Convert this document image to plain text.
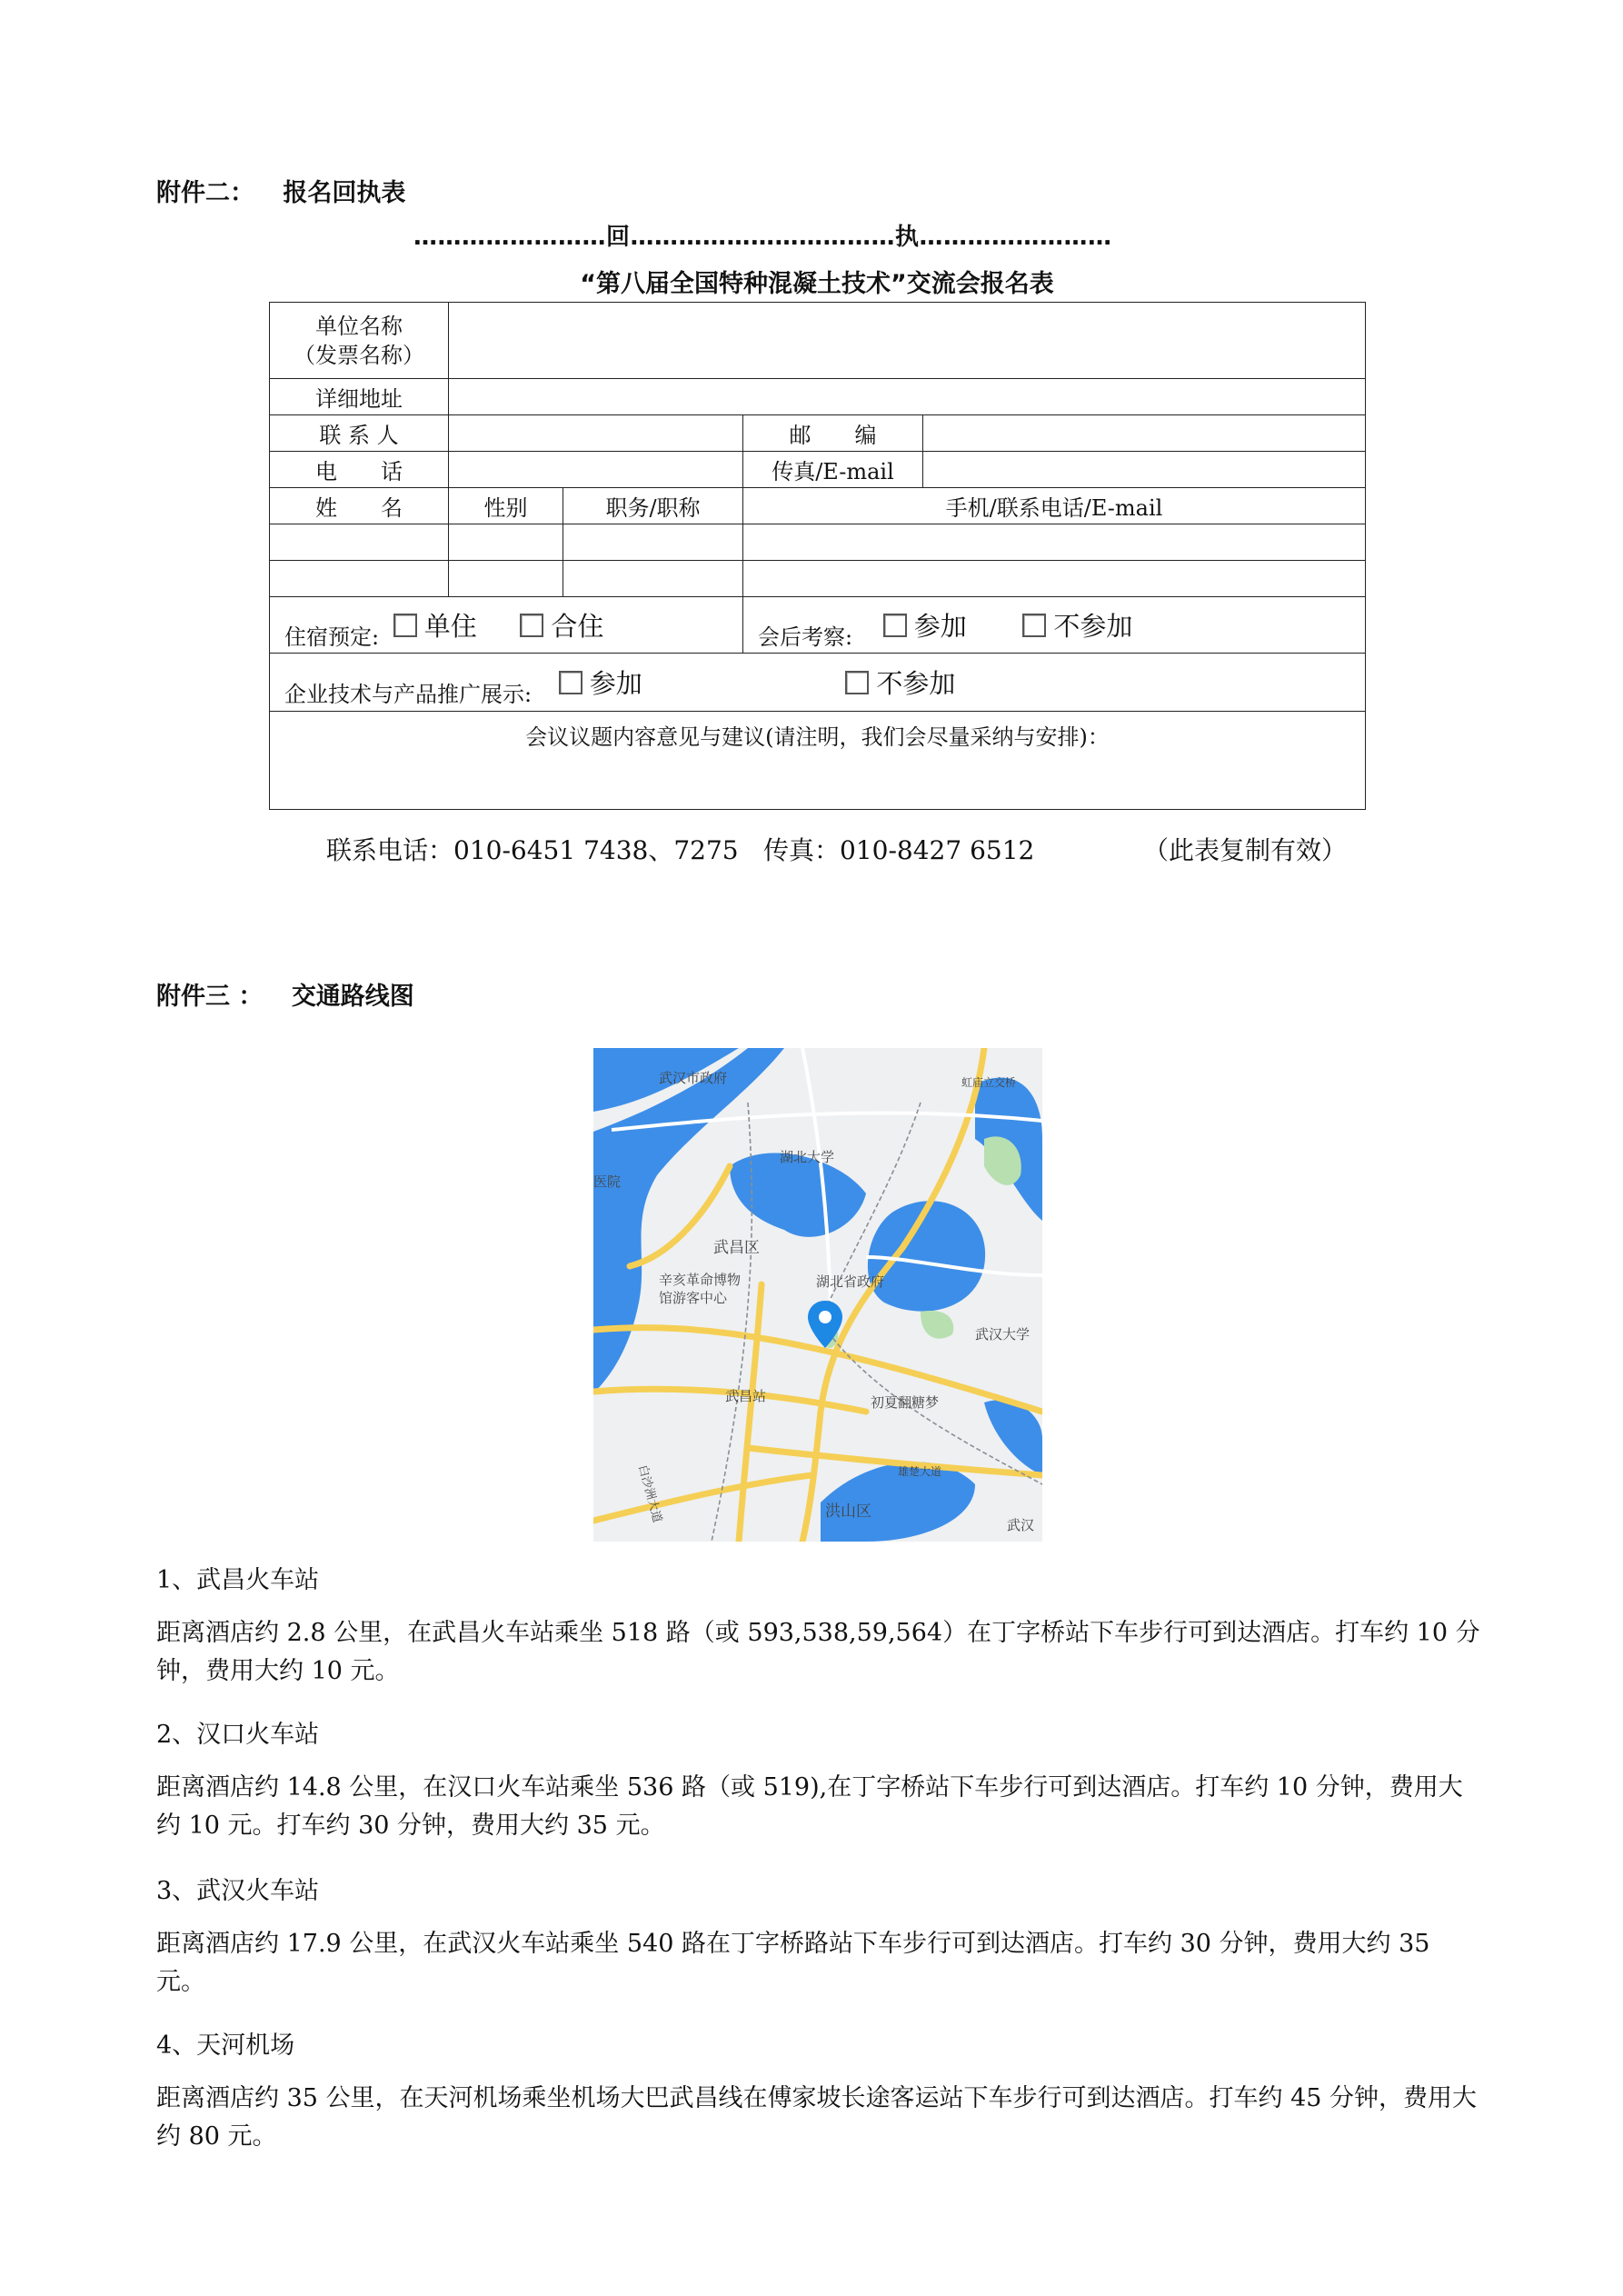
附件二： 报名回执表
……………………回……………………………执……………………
“第八届全国特种混凝土技术”交流会报名表
单位名称
（发票名称）				

详细地址				
联 系 人			邮　　编	
电　　话			传真/E-mail	
姓　　名	性别	职务/职称	手机/联系电话/E-mail	

住宿预定: 单住 合住			会后考察: 参加 不参加	
企业技术与产品推广展示: 参加 不参加				
会议议题内容意见与建议(请注明，我们会尽量采纳与安排)：				
联系电话：010-6451 7438、7275 传真：010-8427 6512	（此表复制有效）
附件三 ： 交通路线图
武汉市政府	虹庙立交桥
湖北大学
医院
武昌区
辛亥革命博物
馆游客中心
湖北省政府
武汉大学
武昌站	初夏翻糖梦
雄楚大道
洪山区
武汉
白沙洲大道
1、武昌火车站
距离酒店约 2.8 公里，在武昌火车站乘坐 518 路（或 593,538,59,564）在丁字桥站下车步行可到达酒店。打车约 10 分钟，费用大约 10 元。
2、汉口火车站
距离酒店约 14.8 公里，在汉口火车站乘坐 536 路（或 519),在丁字桥站下车步行可到达酒店。打车约 10 分钟，费用大约 10 元。打车约 30 分钟，费用大约 35 元。
3、武汉火车站
距离酒店约 17.9 公里，在武汉火车站乘坐 540 路在丁字桥路站下车步行可到达酒店。打车约 30 分钟，费用大约 35 元。
4、天河机场
距离酒店约 35 公里，在天河机场乘坐机场大巴武昌线在傅家坡长途客运站下车步行可到达酒店。打车约 45 分钟，费用大约 80 元。
